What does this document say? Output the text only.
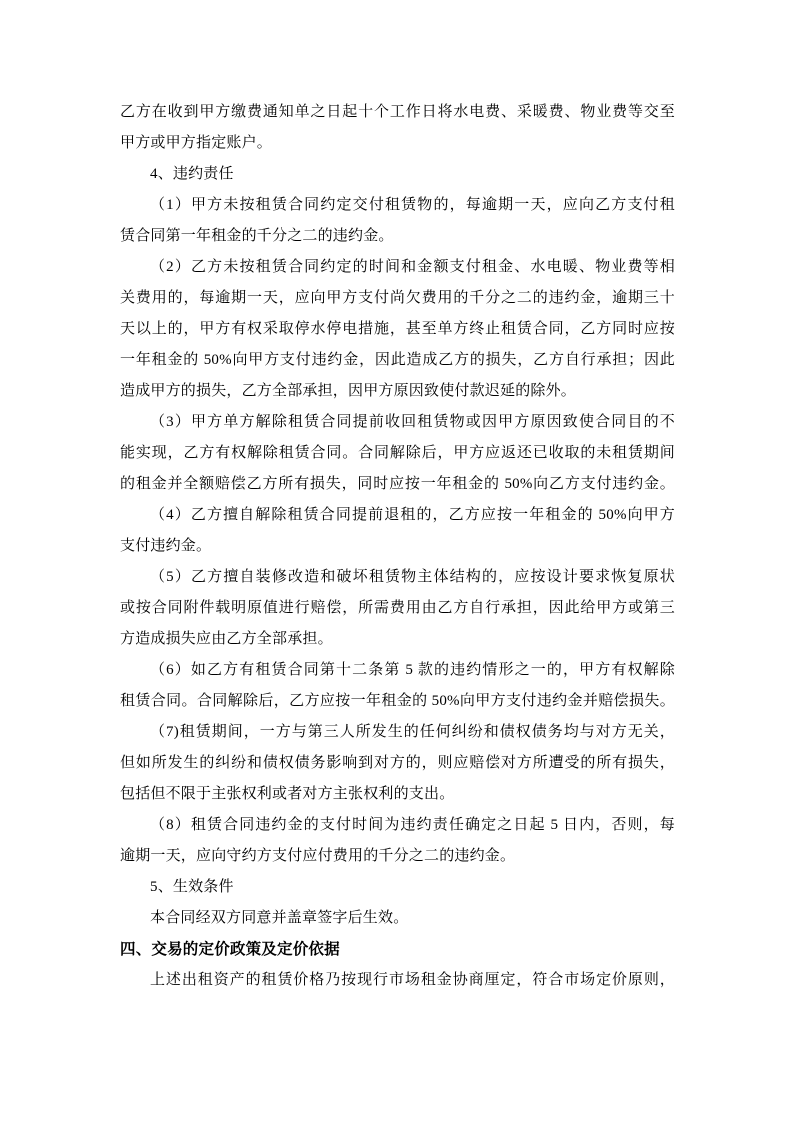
乙方在收到甲方缴费通知单之日起十个工作日将水电费、采暖费、物业费等交至
甲方或甲方指定账户。
4、违约责任
（1）甲方未按租赁合同约定交付租赁物的，每逾期一天，应向乙方支付租
赁合同第一年租金的千分之二的违约金。
（2）乙方未按租赁合同约定的时间和金额支付租金、水电暖、物业费等相
关费用的，每逾期一天，应向甲方支付尚欠费用的千分之二的违约金，逾期三十
天以上的，甲方有权采取停水停电措施，甚至单方终止租赁合同，乙方同时应按
一年租金的 50%向甲方支付违约金，因此造成乙方的损失，乙方自行承担；因此
造成甲方的损失，乙方全部承担，因甲方原因致使付款迟延的除外。
（3）甲方单方解除租赁合同提前收回租赁物或因甲方原因致使合同目的不
能实现，乙方有权解除租赁合同。合同解除后，甲方应返还已收取的未租赁期间
的租金并全额赔偿乙方所有损失，同时应按一年租金的 50%向乙方支付违约金。
（4）乙方擅自解除租赁合同提前退租的，乙方应按一年租金的 50%向甲方
支付违约金。
（5）乙方擅自装修改造和破坏租赁物主体结构的，应按设计要求恢复原状
或按合同附件载明原值进行赔偿，所需费用由乙方自行承担，因此给甲方或第三
方造成损失应由乙方全部承担。
（6）如乙方有租赁合同第十二条第 5 款的违约情形之一的，甲方有权解除
租赁合同。合同解除后，乙方应按一年租金的 50%向甲方支付违约金并赔偿损失。
（7)租赁期间，一方与第三人所发生的任何纠纷和债权债务均与对方无关，
但如所发生的纠纷和债权债务影响到对方的，则应赔偿对方所遭受的所有损失，
包括但不限于主张权利或者对方主张权利的支出。
（8）租赁合同违约金的支付时间为违约责任确定之日起 5 日内，否则，每
逾期一天，应向守约方支付应付费用的千分之二的违约金。
5、生效条件
本合同经双方同意并盖章签字后生效。
四、交易的定价政策及定价依据
上述出租资产的租赁价格乃按现行市场租金协商厘定，符合市场定价原则，
